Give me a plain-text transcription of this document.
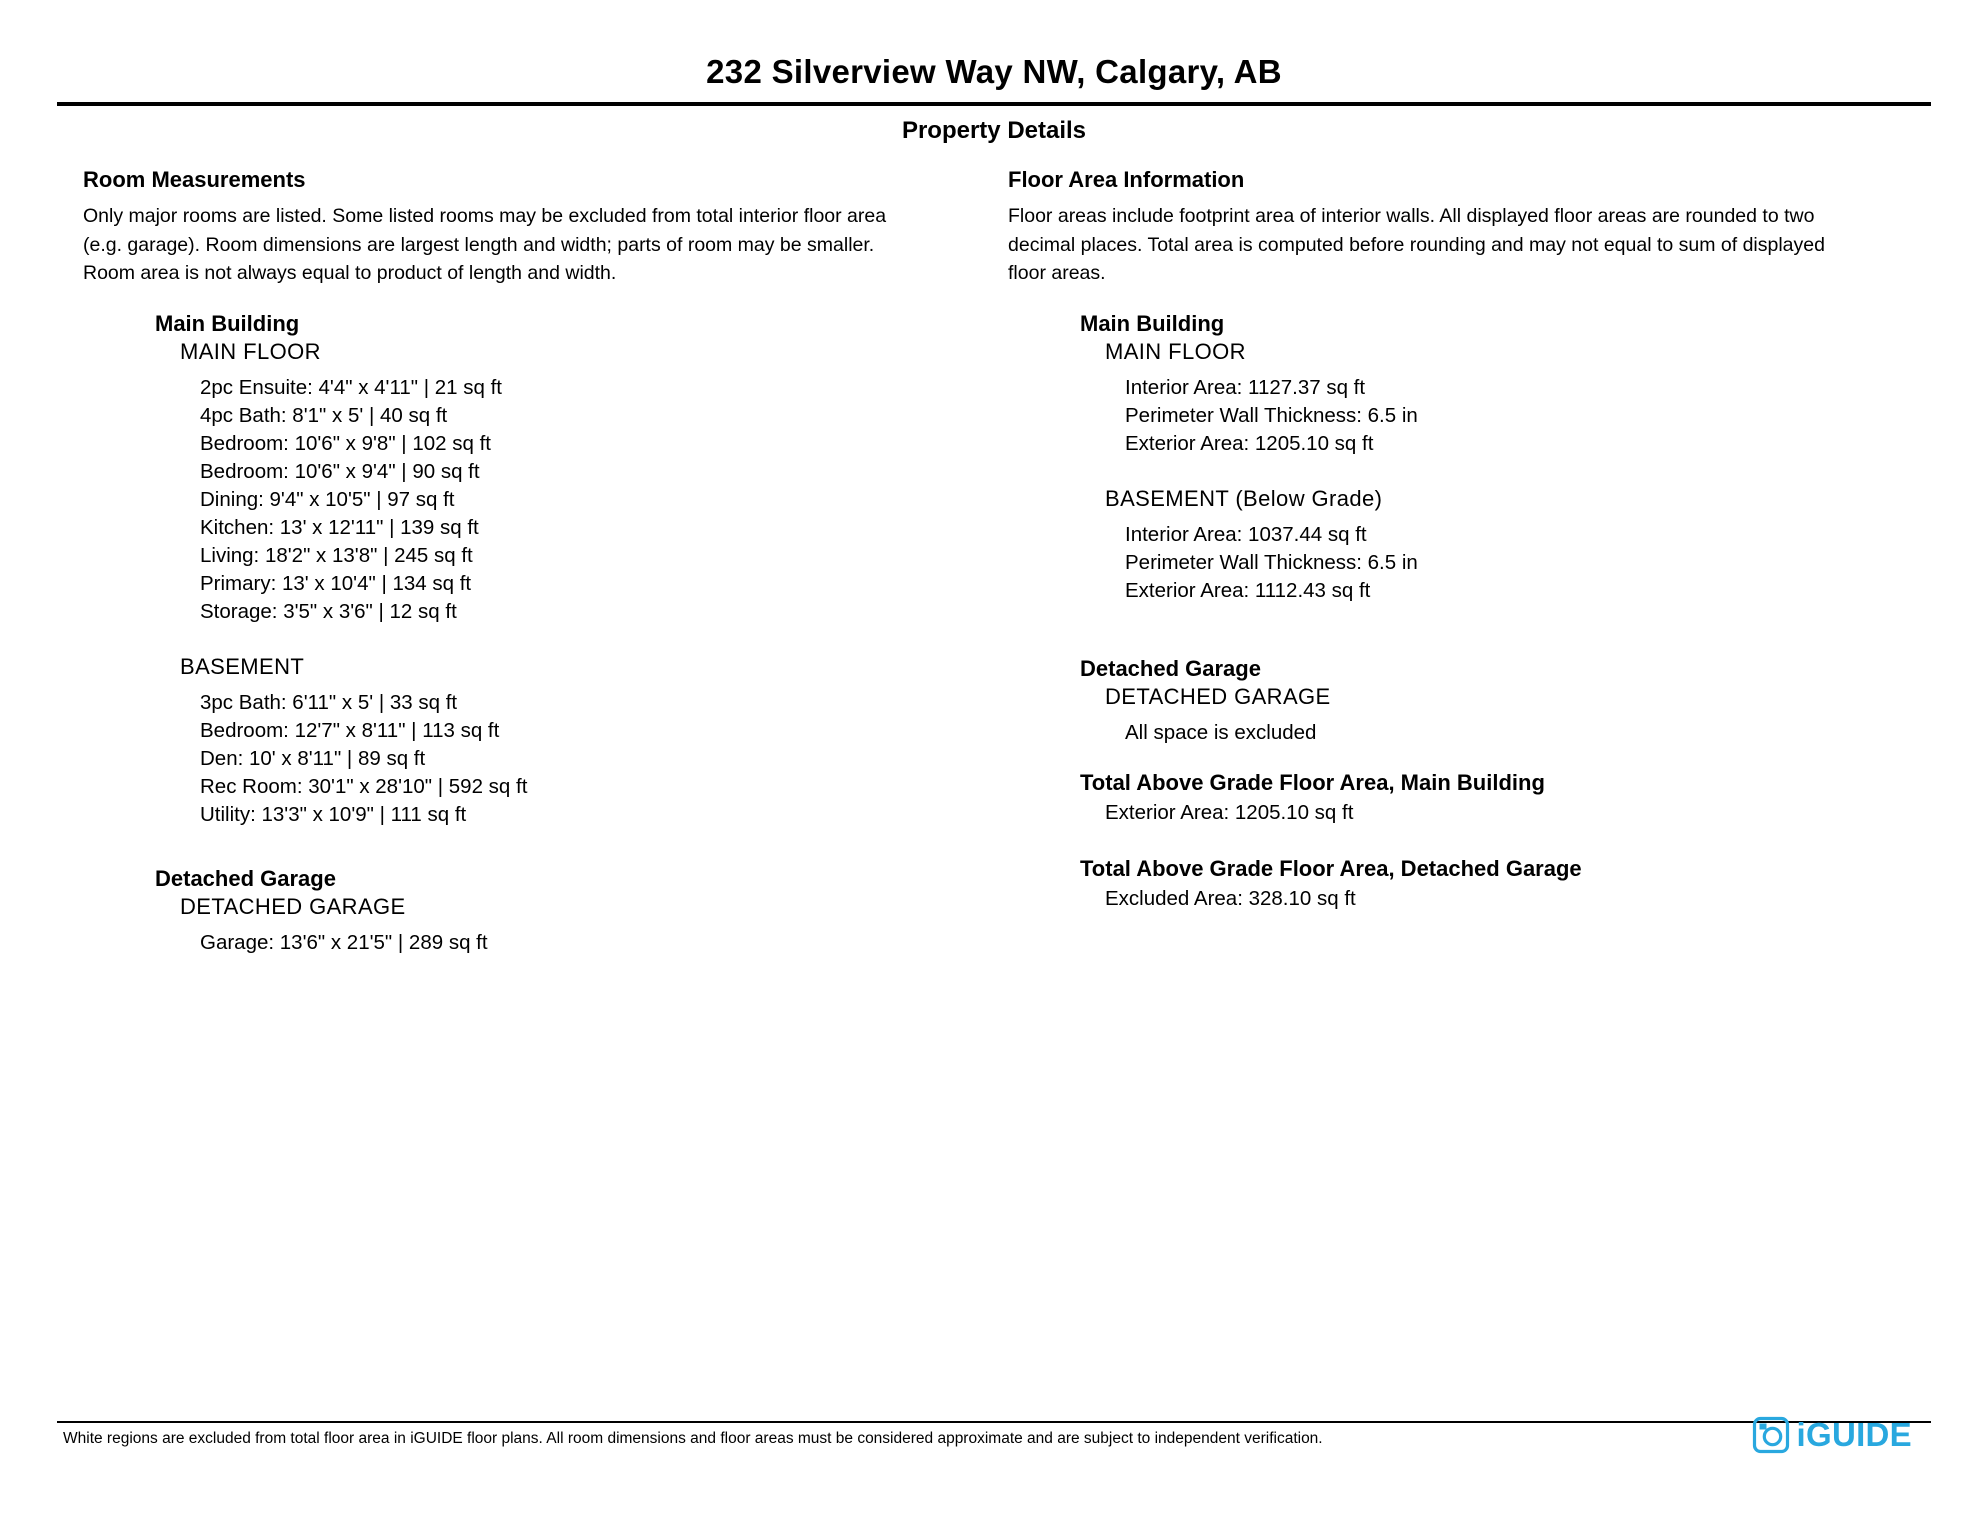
232 Silverview Way NW, Calgary, AB
Property Details
Room Measurements
Only major rooms are listed. Some listed rooms may be excluded from total interior floor area
(e.g. garage). Room dimensions are largest length and width; parts of room may be smaller.
Room area is not always equal to product of length and width.
Main Building
MAIN FLOOR
2pc Ensuite: 4'4" x 4'11" | 21 sq ft
4pc Bath: 8'1" x 5' | 40 sq ft
Bedroom: 10'6" x 9'8" | 102 sq ft
Bedroom: 10'6" x 9'4" | 90 sq ft
Dining: 9'4" x 10'5" | 97 sq ft
Kitchen: 13' x 12'11" | 139 sq ft
Living: 18'2" x 13'8" | 245 sq ft
Primary: 13' x 10'4" | 134 sq ft
Storage: 3'5" x 3'6" | 12 sq ft
BASEMENT
3pc Bath: 6'11" x 5' | 33 sq ft
Bedroom: 12'7" x 8'11" | 113 sq ft
Den: 10' x 8'11" | 89 sq ft
Rec Room: 30'1" x 28'10" | 592 sq ft
Utility: 13'3" x 10'9" | 111 sq ft
Detached Garage
DETACHED GARAGE
Garage: 13'6" x 21'5" | 289 sq ft
Floor Area Information
Floor areas include footprint area of interior walls. All displayed floor areas are rounded to two
decimal places. Total area is computed before rounding and may not equal to sum of displayed
floor areas.
Main Building
MAIN FLOOR
Interior Area: 1127.37 sq ft
Perimeter Wall Thickness: 6.5 in
Exterior Area: 1205.10 sq ft
BASEMENT (Below Grade)
Interior Area: 1037.44 sq ft
Perimeter Wall Thickness: 6.5 in
Exterior Area: 1112.43 sq ft
Detached Garage
DETACHED GARAGE
All space is excluded
Total Above Grade Floor Area, Main Building
Exterior Area: 1205.10 sq ft
Total Above Grade Floor Area, Detached Garage
Excluded Area: 328.10 sq ft
White regions are excluded from total floor area in iGUIDE floor plans. All room dimensions and floor areas must be considered approximate and are subject to independent verification.	iGUIDE
